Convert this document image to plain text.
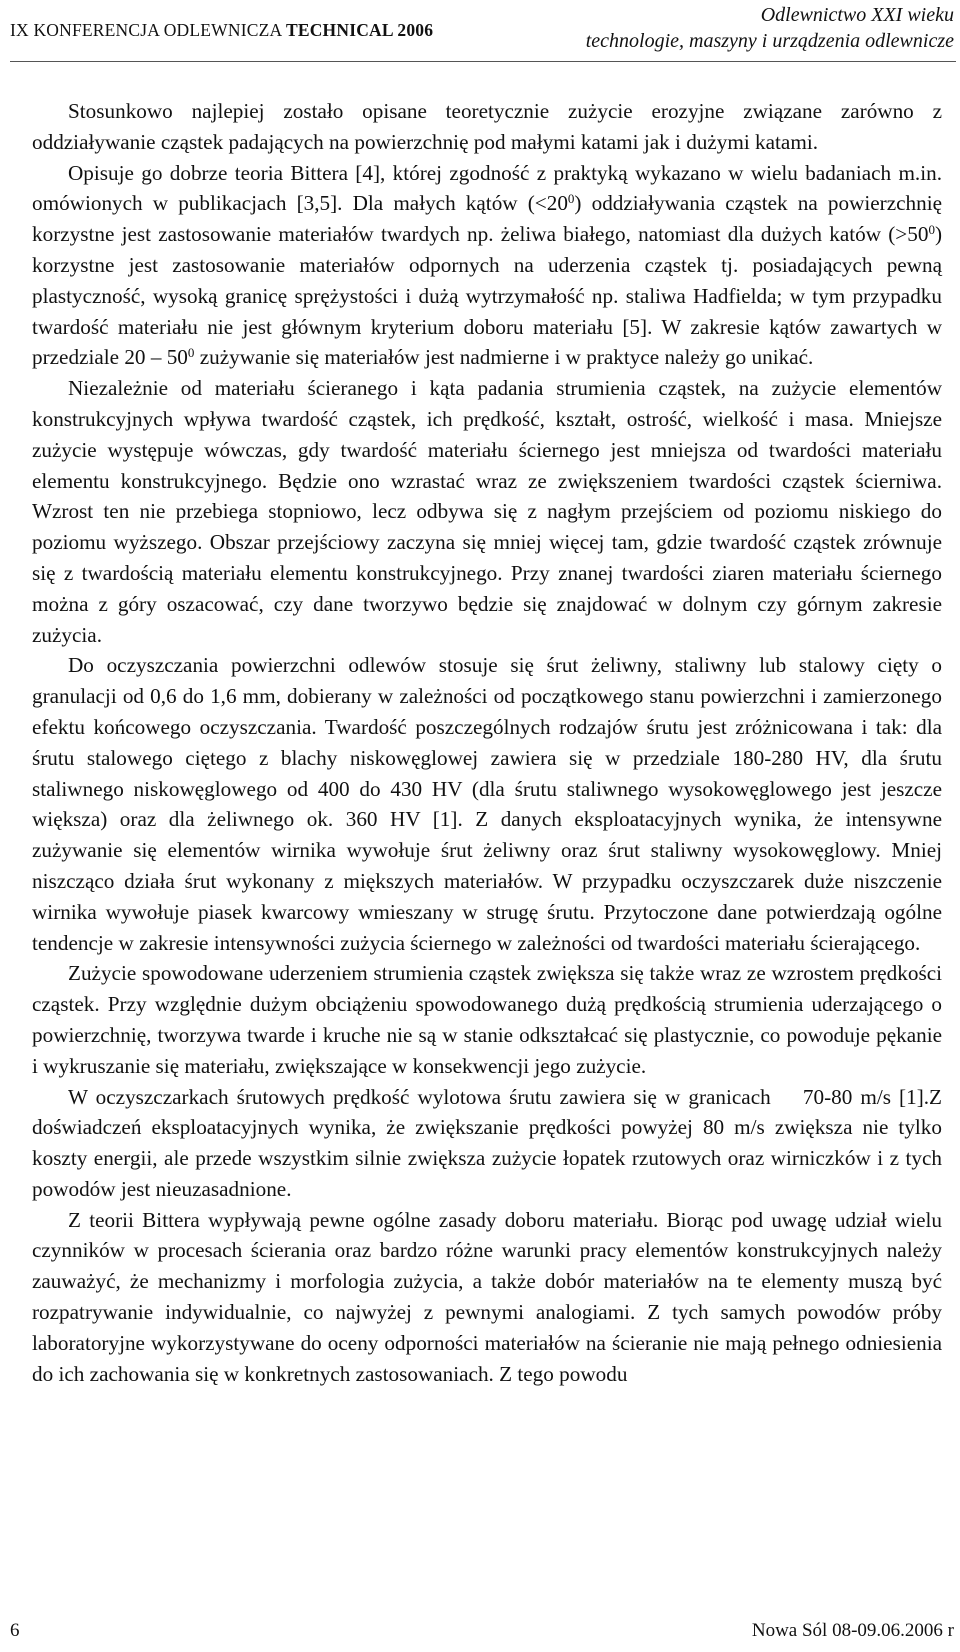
IX KONFERENCJA ODLEWNICZA TECHNICAL 2006
Odlewnictwo XXI wieku
technologie, maszyny i urządzenia odlewnicze

Stosunkowo najlepiej zostało opisane teoretycznie zużycie erozyjne związane zarówno z oddziaływanie cząstek padających na powierzchnię pod małymi katami jak i dużymi katami.

Opisuje go dobrze teoria Bittera [4], której zgodność z praktyką wykazano w wielu badaniach m.in. omówionych w publikacjach [3,5]. Dla małych kątów $(<20^0)$ oddziaływania cząstek na powierzchnię korzystne jest zastosowanie materiałów twardych np. żeliwa białego, natomiast dla dużych katów $(>50^0)$ korzystne jest zastosowanie materiałów odpornych na uderzenia cząstek tj. posiadających pewną plastyczność, wysoką granicę sprężystości i dużą wytrzymałość np. staliwa Hadfielda; w tym przypadku twardość materiału nie jest głównym kryterium doboru materiału [5]. W zakresie kątów zawartych w przedziale $20 - 50^0$ zużywanie się materiałów jest nadmierne i w praktyce należy go unikać.

Niezależnie od materiału ścieranego i kąta padania strumienia cząstek, na zużycie elementów konstrukcyjnych wpływa twardość cząstek, ich prędkość, kształt, ostrość, wielkość i masa. Mniejsze zużycie występuje wówczas, gdy twardość materiału ściernego jest mniejsza od twardości materiału elementu konstrukcyjnego. Będzie ono wzrastać wraz ze zwiększeniem twardości cząstek ścierniwa. Wzrost ten nie przebiega stopniowo, lecz odbywa się z nagłym przejściem od poziomu niskiego do poziomu wyższego. Obszar przejściowy zaczyna się mniej więcej tam, gdzie twardość cząstek zrównuje się z twardością materiału elementu konstrukcyjnego. Przy znanej twardości ziaren materiału ściernego można z góry oszacować, czy dane tworzywo będzie się znajdować w dolnym czy górnym zakresie zużycia.

Do oczyszczania powierzchni odlewów stosuje się śrut żeliwny, staliwny lub stalowy cięty o granulacji od 0,6 do 1,6 mm, dobierany w zależności od początkowego stanu powierzchni i zamierzonego efektu końcowego oczyszczania. Twardość poszczególnych rodzajów śrutu jest zróżnicowana i tak: dla śrutu stalowego ciętego z blachy niskowęglowej zawiera się w przedziale 180-280 HV, dla śrutu staliwnego niskowęglowego od 400 do 430 HV (dla śrutu staliwnego wysokowęglowego jest jeszcze większa) oraz dla żeliwnego ok. 360 HV [1]. Z danych eksploatacyjnych wynika, że intensywne zużywanie się elementów wirnika wywołuje śrut żeliwny oraz śrut staliwny wysokowęglowy. Mniej niszcząco działa śrut wykonany z miększych materiałów. W przypadku oczyszczarek duże niszczenie wirnika wywołuje piasek kwarcowy wmieszany w strugę śrutu. Przytoczone dane potwierdzają ogólne tendencje w zakresie intensywności zużycia ściernego w zależności od twardości materiału ścierającego.

Zużycie spowodowane uderzeniem strumienia cząstek zwiększa się także wraz ze wzrostem prędkości cząstek. Przy względnie dużym obciążeniu spowodowanego dużą prędkością strumienia uderzającego o powierzchnię, tworzywa twarde i kruche nie są w stanie odkształcać się plastycznie, co powoduje pękanie i wykruszanie się materiału, zwiększające w konsekwencji jego zużycie.

W oczyszczarkach śrutowych prędkość wylotowa śrutu zawiera się w granicach    70-80 m/s [1].Z doświadczeń eksploatacyjnych wynika, że zwiększanie prędkości powyżej 80 m/s zwiększa nie tylko koszty energii, ale przede wszystkim silnie zwiększa zużycie łopatek rzutowych oraz wirniczków i z tych powodów jest nieuzasadnione.

Z teorii Bittera wypływają pewne ogólne zasady doboru materiału. Biorąc pod uwagę udział wielu czynników w procesach ścierania oraz bardzo różne warunki pracy elementów konstrukcyjnych należy zauważyć, że mechanizmy i morfologia zużycia, a także dobór materiałów na te elementy muszą być rozpatrywanie indywidualnie, co najwyżej z pewnymi analogiami. Z tych samych powodów próby laboratoryjne wykorzystywane do oceny odporności materiałów na ścieranie nie mają pełnego odniesienia do ich zachowania się w konkretnych zastosowaniach. Z tego powodu

6	Nowa Sól 08-09.06.2006 r
